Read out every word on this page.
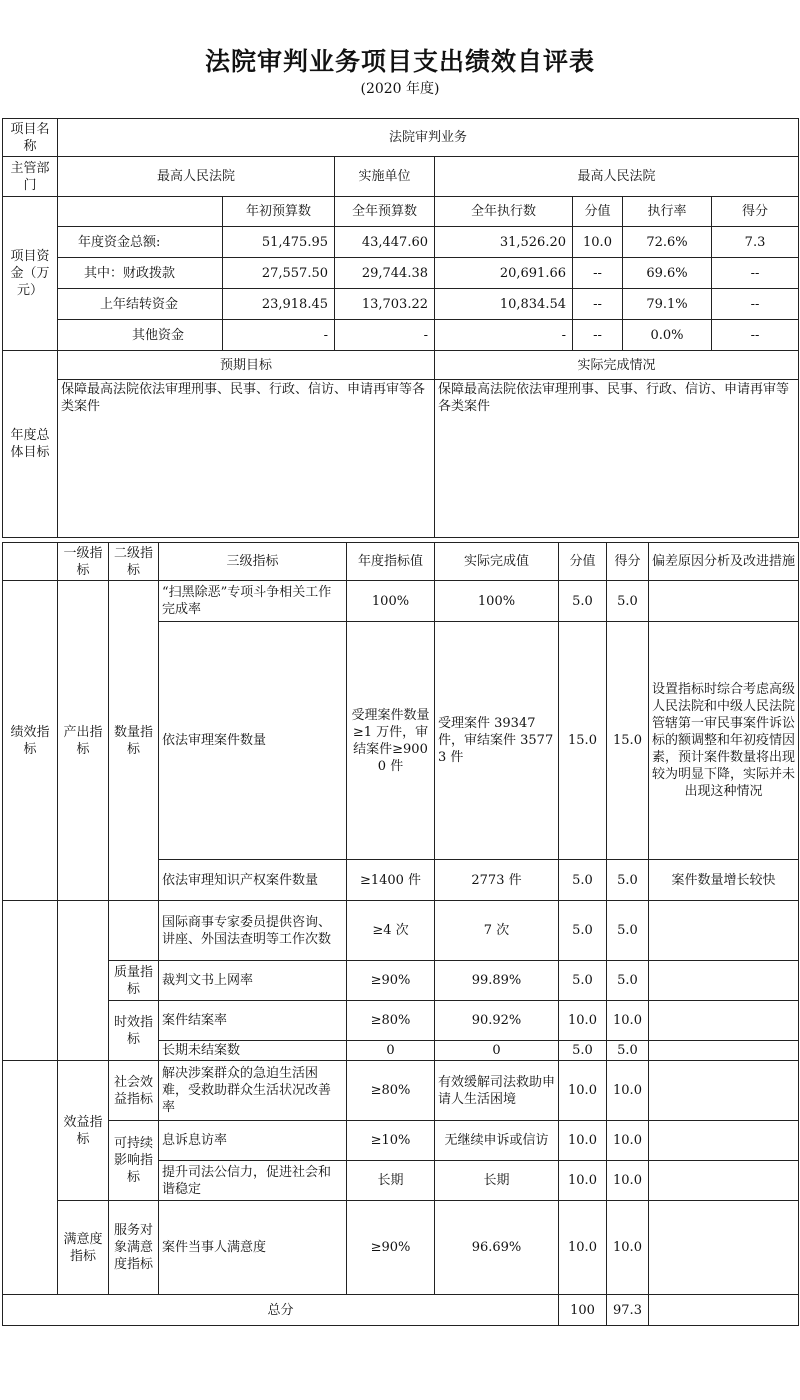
法院审判业务项目支出绩效自评表
(2020 年度)
项目名称	法院审判业务						
主管部门	最高人民法院		实施单位	最高人民法院			
项目资金（万元）		年初预算数	全年预算数	全年执行数	分值	执行率	得分
	年度资金总额:	51,475.95	43,447.60	31,526.20	10.0	72.6%	7.3
	其中：财政拨款	27,557.50	29,744.38	20,691.66	--	69.6%	--
	上年结转资金	23,918.45	13,703.22	10,834.54	--	79.1%	--
	其他资金	-	-	-	--	0.0%	--
年度总体目标	预期目标			实际完成情况			
	保障最高法院依法审理刑事、民事、行政、信访、申请再审等各类案件			保障最高法院依法审理刑事、民事、行政、信访、申请再审等各类案件			
	一级指标	二级指标	三级指标	年度指标值	实际完成值	分值	得分	偏差原因分析及改进措施
绩效指标	产出指标	数量指标	“扫黑除恶”专项斗争相关工作完成率	100%	100%	5.0	5.0	
			依法审理案件数量	受理案件数量≥1 万件，审结案件≥9000 件	受理案件 39347 件，审结案件 35773 件	15.0	15.0	设置指标时综合考虑高级人民法院和中级人民法院管辖第一审民事案件诉讼标的额调整和年初疫情因素，预计案件数量将出现较为明显下降，实际并未出现这种情况
			依法审理知识产权案件数量	≥1400 件	2773 件	5.0	5.0	案件数量增长较快
			国际商事专家委员提供咨询、讲座、外国法查明等工作次数	≥4 次	7 次	5.0	5.0	
		质量指标	裁判文书上网率	≥90%	99.89%	5.0	5.0	
		时效指标	案件结案率	≥80%	90.92%	10.0	10.0	
			长期未结案数	0	0	5.0	5.0	
	效益指标	社会效益指标	解决涉案群众的急迫生活困难，受救助群众生活状况改善率	≥80%	有效缓解司法救助申请人生活困境	10.0	10.0	
		可持续影响指标	息诉息访率	≥10%	无继续申诉或信访	10.0	10.0	
			提升司法公信力，促进社会和谐稳定	长期	长期	10.0	10.0	
	满意度指标	服务对象满意度指标	案件当事人满意度	≥90%	96.69%	10.0	10.0	
总分						100	97.3	
